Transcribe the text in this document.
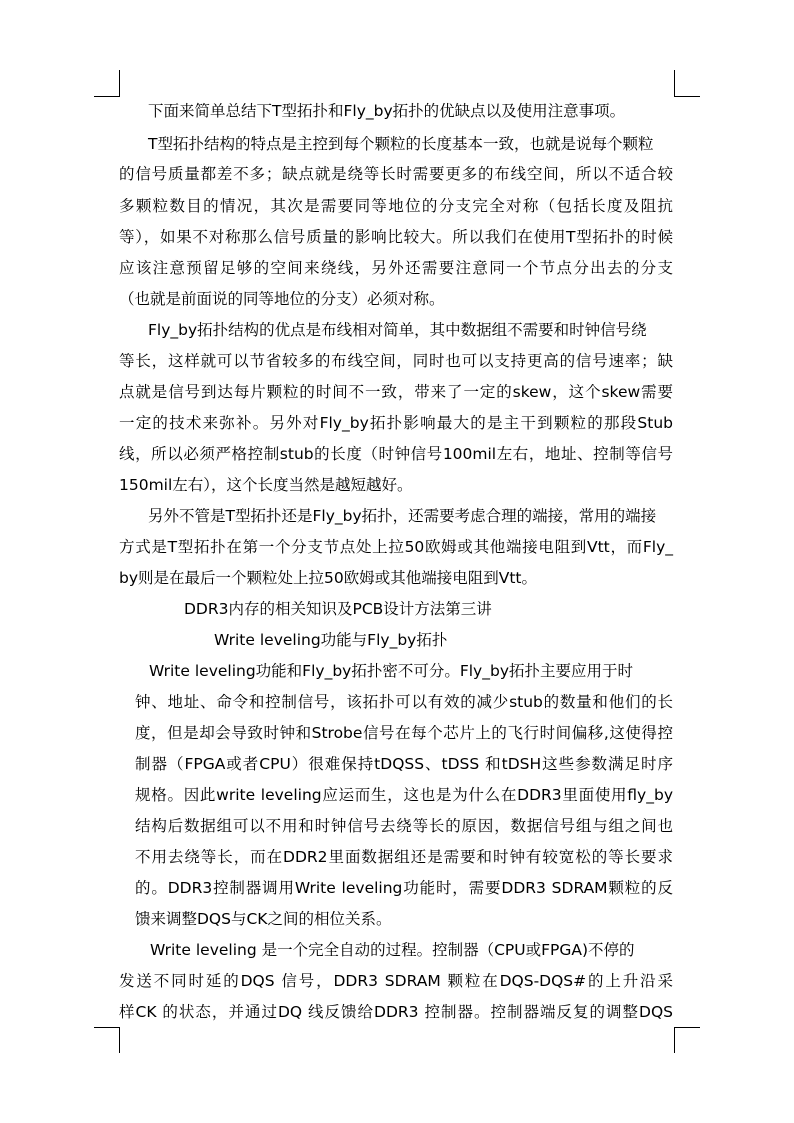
下面来简单总结下T型拓扑和Fly_by拓扑的优缺点以及使用注意事项。
T型拓扑结构的特点是主控到每个颗粒的长度基本一致，也就是说每个颗粒
的信号质量都差不多；缺点就是绕等长时需要更多的布线空间，所以不适合较
多颗粒数目的情况，其次是需要同等地位的分支完全对称（包括长度及阻抗
等），如果不对称那么信号质量的影响比较大。所以我们在使用T型拓扑的时候
应该注意预留足够的空间来绕线，另外还需要注意同一个节点分出去的分支
（也就是前面说的同等地位的分支）必须对称。
Fly_by拓扑结构的优点是布线相对简单，其中数据组不需要和时钟信号绕
等长，这样就可以节省较多的布线空间，同时也可以支持更高的信号速率；缺
点就是信号到达每片颗粒的时间不一致，带来了一定的skew，这个skew需要
一定的技术来弥补。另外对Fly_by拓扑影响最大的是主干到颗粒的那段Stub
线，所以必须严格控制stub的长度（时钟信号100mil左右，地址、控制等信号
150mil左右），这个长度当然是越短越好。
另外不管是T型拓扑还是Fly_by拓扑，还需要考虑合理的端接，常用的端接
方式是T型拓扑在第一个分支节点处上拉50欧姆或其他端接电阻到Vtt，而Fly_
by则是在最后一个颗粒处上拉50欧姆或其他端接电阻到Vtt。
DDR3内存的相关知识及PCB设计方法第三讲
Write leveling功能与Fly_by拓扑
Write leveling功能和Fly_by拓扑密不可分。Fly_by拓扑主要应用于时
钟、地址、命令和控制信号，该拓扑可以有效的减少stub的数量和他们的长
度，但是却会导致时钟和Strobe信号在每个芯片上的飞行时间偏移,这使得控
制器（FPGA或者CPU）很难保持tDQSS、tDSS 和tDSH这些参数满足时序
规格。因此write leveling应运而生，这也是为什么在DDR3里面使用fly_by
结构后数据组可以不用和时钟信号去绕等长的原因，数据信号组与组之间也
不用去绕等长，而在DDR2里面数据组还是需要和时钟有较宽松的等长要求
的。DDR3控制器调用Write leveling功能时，需要DDR3 SDRAM颗粒的反
馈来调整DQS与CK之间的相位关系。
Write leveling 是一个完全自动的过程。控制器（CPU或FPGA)不停的
发送不同时延的DQS 信号，DDR3 SDRAM 颗粒在DQS-DQS#的上升沿采
样CK 的状态，并通过DQ 线反馈给DDR3 控制器。控制器端反复的调整DQS
